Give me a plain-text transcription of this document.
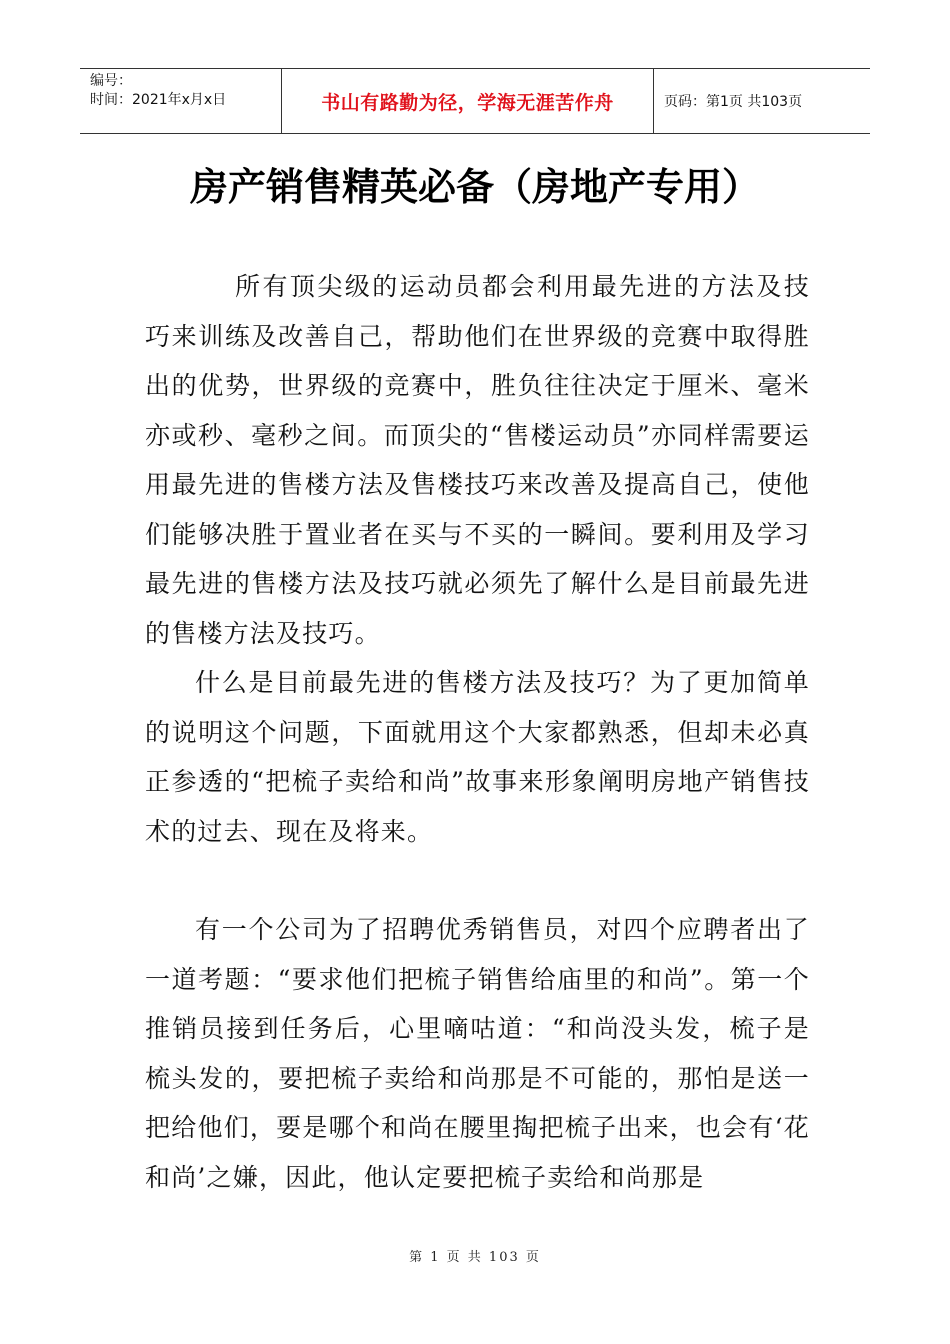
编号：
时间：2021年x月x日	书山有路勤为径，学海无涯苦作舟	页码：第1页 共103页
房产销售精英必备（房地产专用）

所有顶尖级的运动员都会利用最先进的方法及技巧来训练及改善自己，帮助他们在世界级的竞赛中取得胜出的优势，世界级的竞赛中，胜负往往决定于厘米、毫米亦或秒、毫秒之间。而顶尖的“售楼运动员”亦同样需要运用最先进的售楼方法及售楼技巧来改善及提高自己，使他们能够决胜于置业者在买与不买的一瞬间。要利用及学习最先进的售楼方法及技巧就必须先了解什么是目前最先进的售楼方法及技巧。

什么是目前最先进的售楼方法及技巧？为了更加简单的说明这个问题，下面就用这个大家都熟悉，但却未必真正参透的“把梳子卖给和尚”故事来形象阐明房地产销售技术的过去、现在及将来。

有一个公司为了招聘优秀销售员，对四个应聘者出了一道考题：“要求他们把梳子销售给庙里的和尚”。第一个推销员接到任务后，心里嘀咕道：“和尚没头发，梳子是梳头发的，要把梳子卖给和尚那是不可能的，那怕是送一把给他们，要是哪个和尚在腰里掏把梳子出来，也会有‘花和尚’之嫌，因此，他认定要把梳子卖给和尚那是

第 1 页 共 103 页
